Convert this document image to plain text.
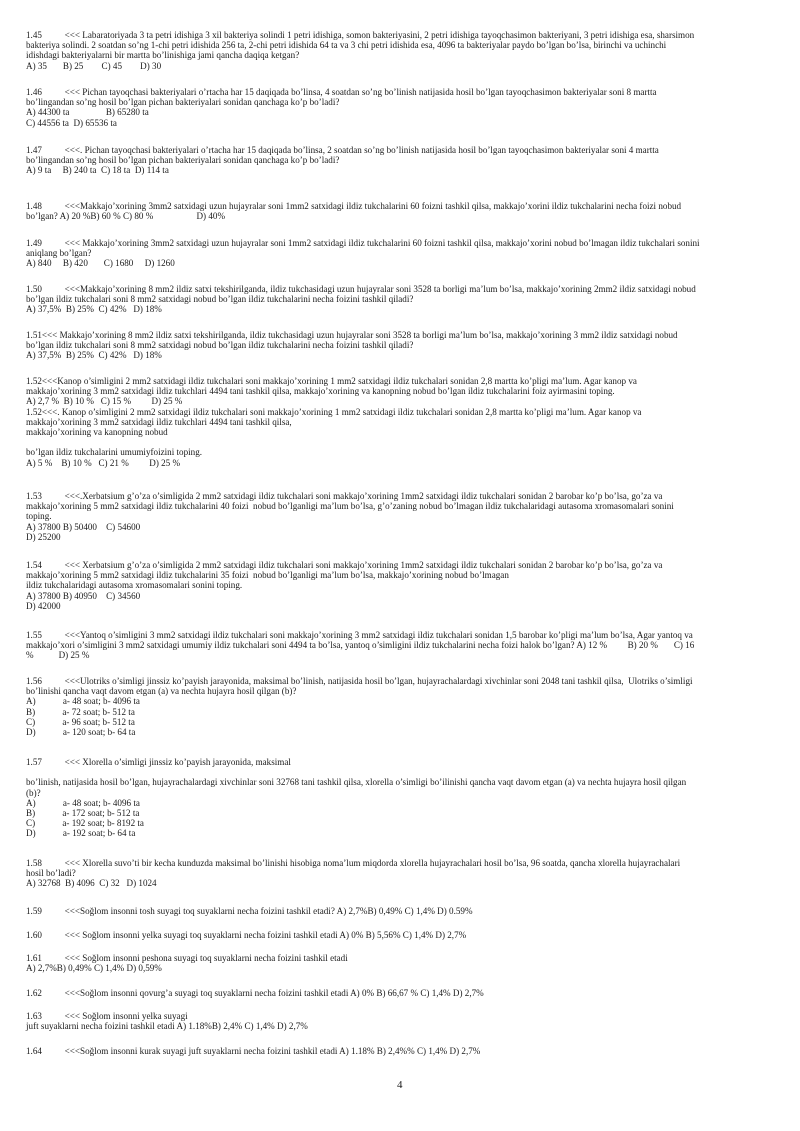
1.45          <<< Labaratoriyada 3 ta petri idishiga 3 xil bakteriya solindi 1 petri idishiga, somon bakteriyasini, 2 petri idishiga tayoqchasimon bakteriyani, 3 petri idishiga esa, sharsimon

bakteriya solindi. 2 soatdan so’ng 1-chi petri idishida 256 ta, 2-chi petri idishida 64 ta va 3 chi petri idishida esa, 4096 ta bakteriyalar paydo bo’lgan bo’lsa, birinchi va uchinchi

idishdagi bakteriyalarni bir martta bo’linishiga jami qancha daqiqa ketgan?

A) 35       B) 25        C) 45        D) 30

1.46          <<< Pichan tayoqchasi bakteriyalari o’rtacha har 15 daqiqada bo’linsa, 4 soatdan so’ng bo’linish natijasida hosil bo’lgan tayoqchasimon bakteriyalar soni 8 martta

bo’lingandan so’ng hosil bo’lgan pichan bakteriyalari sonidan qanchaga ko’p bo’ladi?

A) 44300 ta                B) 65280 ta

C) 44556 ta  D) 65536 ta

1.47          <<<. Pichan tayoqchasi bakteriyalari o’rtacha har 15 daqiqada bo’linsa, 2 soatdan so’ng bo’linish natijasida hosil bo’lgan tayoqchasimon bakteriyalar soni 4 martta

bo’lingandan so’ng hosil bo’lgan pichan bakteriyalari sonidan qanchaga ko’p bo’ladi?

A) 9 ta     B) 240 ta  C) 18 ta  D) 114 ta

1.48          <<<Makkajo’xorining 3mm2 satxidagi uzun hujayralar soni 1mm2 satxidagi ildiz tukchalarini 60 foizni tashkil qilsa, makkajo’xorini ildiz tukchalarini necha foizi nobud

bo’lgan? A) 20 %B) 60 % C) 80 %                   D) 40%

1.49          <<< Makkajo’xorining 3mm2 satxidagi uzun hujayralar soni 1mm2 satxidagi ildiz tukchalarini 60 foizni tashkil qilsa, makkajo’xorini nobud bo’lmagan ildiz tukchalari sonini

aniqlang bo’lgan?

A) 840     B) 420       C) 1680     D) 1260

1.50          <<<Makkajo’xorining 8 mm2 ildiz satxi tekshirilganda, ildiz tukchasidagi uzun hujayralar soni 3528 ta borligi ma’lum bo’lsa, makkajo’xorining 2mm2 ildiz satxidagi nobud

bo’lgan ildiz tukchalari soni 8 mm2 satxidagi nobud bo’lgan ildiz tukchalarini necha foizini tashkil qiladi?

A) 37,5%  B) 25%  C) 42%   D) 18%

1.51<<< Makkajo’xorining 8 mm2 ildiz satxi tekshirilganda, ildiz tukchasidagi uzun hujayralar soni 3528 ta borligi ma’lum bo’lsa, makkajo’xorining 3 mm2 ildiz satxidagi nobud

bo’lgan ildiz tukchalari soni 8 mm2 satxidagi nobud bo’lgan ildiz tukchalarini necha foizini tashkil qiladi?

A) 37,5%  B) 25%  C) 42%   D) 18%

1.52<<<Kanop o’simligini 2 mm2 satxidagi ildiz tukchalari soni makkajo’xorining 1 mm2 satxidagi ildiz tukchalari sonidan 2,8 martta ko’pligi ma’lum. Agar kanop va

makkajo’xorining 3 mm2 satxidagi ildiz tukchlari 4494 tani tashkil qilsa, makkajo’xorining va kanopning nobud bo’lgan ildiz tukchalarini foiz ayirmasini toping.

A) 2,7 %  B) 10 %   C) 15 %         D) 25 %

1.52<<<. Kanop o’simligini 2 mm2 satxidagi ildiz tukchalari soni makkajo’xorining 1 mm2 satxidagi ildiz tukchalari sonidan 2,8 martta ko’pligi ma’lum. Agar kanop va

makkajo’xorining 3 mm2 satxidagi ildiz tukchlari 4494 tani tashkil qilsa,

makkajo’xorining va kanopning nobud

bo’lgan ildiz tukchalarini umumiyfoizini toping.

A) 5 %    B) 10 %   C) 21 %         D) 25 %

1.53          <<<.Xerbatsium g’o’za o’simligida 2 mm2 satxidagi ildiz tukchalari soni makkajo’xorining 1mm2 satxidagi ildiz tukchalari sonidan 2 barobar ko’p bo’lsa, go’za va

makkajo’xorining 5 mm2 satxidagi ildiz tukchalarini 40 foizi  nobud bo’lganligi ma’lum bo’lsa, g’o’zaning nobud bo’lmagan ildiz tukchalaridagi autasoma xromasomalari sonini

toping.

A) 37800 B) 50400    C) 54600

D) 25200

1.54          <<< Xerbatsium g’o’za o’simligida 2 mm2 satxidagi ildiz tukchalari soni makkajo’xorining 1mm2 satxidagi ildiz tukchalari sonidan 2 barobar ko’p bo’lsa, go’za va

makkajo’xorining 5 mm2 satxidagi ildiz tukchalarini 35 foizi  nobud bo’lganligi ma’lum bo’lsa, makkajo’xorining nobud bo’lmagan

ildiz tukchalaridagi autasoma xromasomalari sonini toping.

A) 37800 B) 40950    C) 34560

D) 42000

1.55          <<<Yantoq o’simligini 3 mm2 satxidagi ildiz tukchalari soni makkajo’xorining 3 mm2 satxidagi ildiz tukchalari sonidan 1,5 barobar ko’pligi ma’lum bo’lsa, Agar yantoq va

makkajo’xori o’simligini 3 mm2 satxidagi umumiy ildiz tukchalari soni 4494 ta bo’lsa, yantoq o’simligini ildiz tukchalarini necha foizi halok bo’lgan? A) 12 %         B) 20 %       C) 16

%           D) 25 %

1.56          <<<Ulotriks o’simligi jinssiz ko’payish jarayonida, maksimal bo’linish, natijasida hosil bo’lgan, hujayrachalardagi xivchinlar soni 2048 tani tashkil qilsa,  Ulotriks o’simligi

bo’linishi qancha vaqt davom etgan (a) va nechta hujayra hosil qilgan (b)?

A)            a- 48 soat; b- 4096 ta

B)            a- 72 soat; b- 512 ta

C)            a- 96 soat; b- 512 ta

D)            a- 120 soat; b- 64 ta

1.57          <<< Xlorella o’simligi jinssiz ko’payish jarayonida, maksimal

bo’linish, natijasida hosil bo’lgan, hujayrachalardagi xivchinlar soni 32768 tani tashkil qilsa, xlorella o’simligi bo’ilinishi qancha vaqt davom etgan (a) va nechta hujayra hosil qilgan

(b)?

A)            a- 48 soat; b- 4096 ta

B)            a- 172 soat; b- 512 ta

C)            a- 192 soat; b- 8192 ta

D)            a- 192 soat; b- 64 ta

1.58          <<< Xlorella suvo’ti bir kecha kunduzda maksimal bo’linishi hisobiga noma’lum miqdorda xlorella hujayrachalari hosil bo’lsa, 96 soatda, qancha xlorella hujayrachalari

hosil bo’ladi?

A) 32768  B) 4096  C) 32   D) 1024

1.59          <<<Soğlom insonni tosh suyagi toq suyaklarni necha foizini tashkil etadi? A) 2,7%B) 0,49% C) 1,4% D) 0.59%

1.60          <<< Soğlom insonni yelka suyagi toq suyaklarni necha foizini tashkil etadi A) 0% B) 5,56% C) 1,4% D) 2,7%

1.61          <<< Soğlom insonni peshona suyagi toq suyaklarni necha foizini tashkil etadi

A) 2,7%B) 0,49% C) 1,4% D) 0,59%

1.62          <<<Soğlom insonni qovurg’a suyagi toq suyaklarni necha foizini tashkil etadi A) 0% B) 66,67 % C) 1,4% D) 2,7%

1.63          <<< Soğlom insonni yelka suyagi

juft suyaklarni necha foizini tashkil etadi A) 1.18%B) 2,4% C) 1,4% D) 2,7%

1.64          <<<Soğlom insonni kurak suyagi juft suyaklarni necha foizini tashkil etadi A) 1.18% B) 2,4%% C) 1,4% D) 2,7%

4
